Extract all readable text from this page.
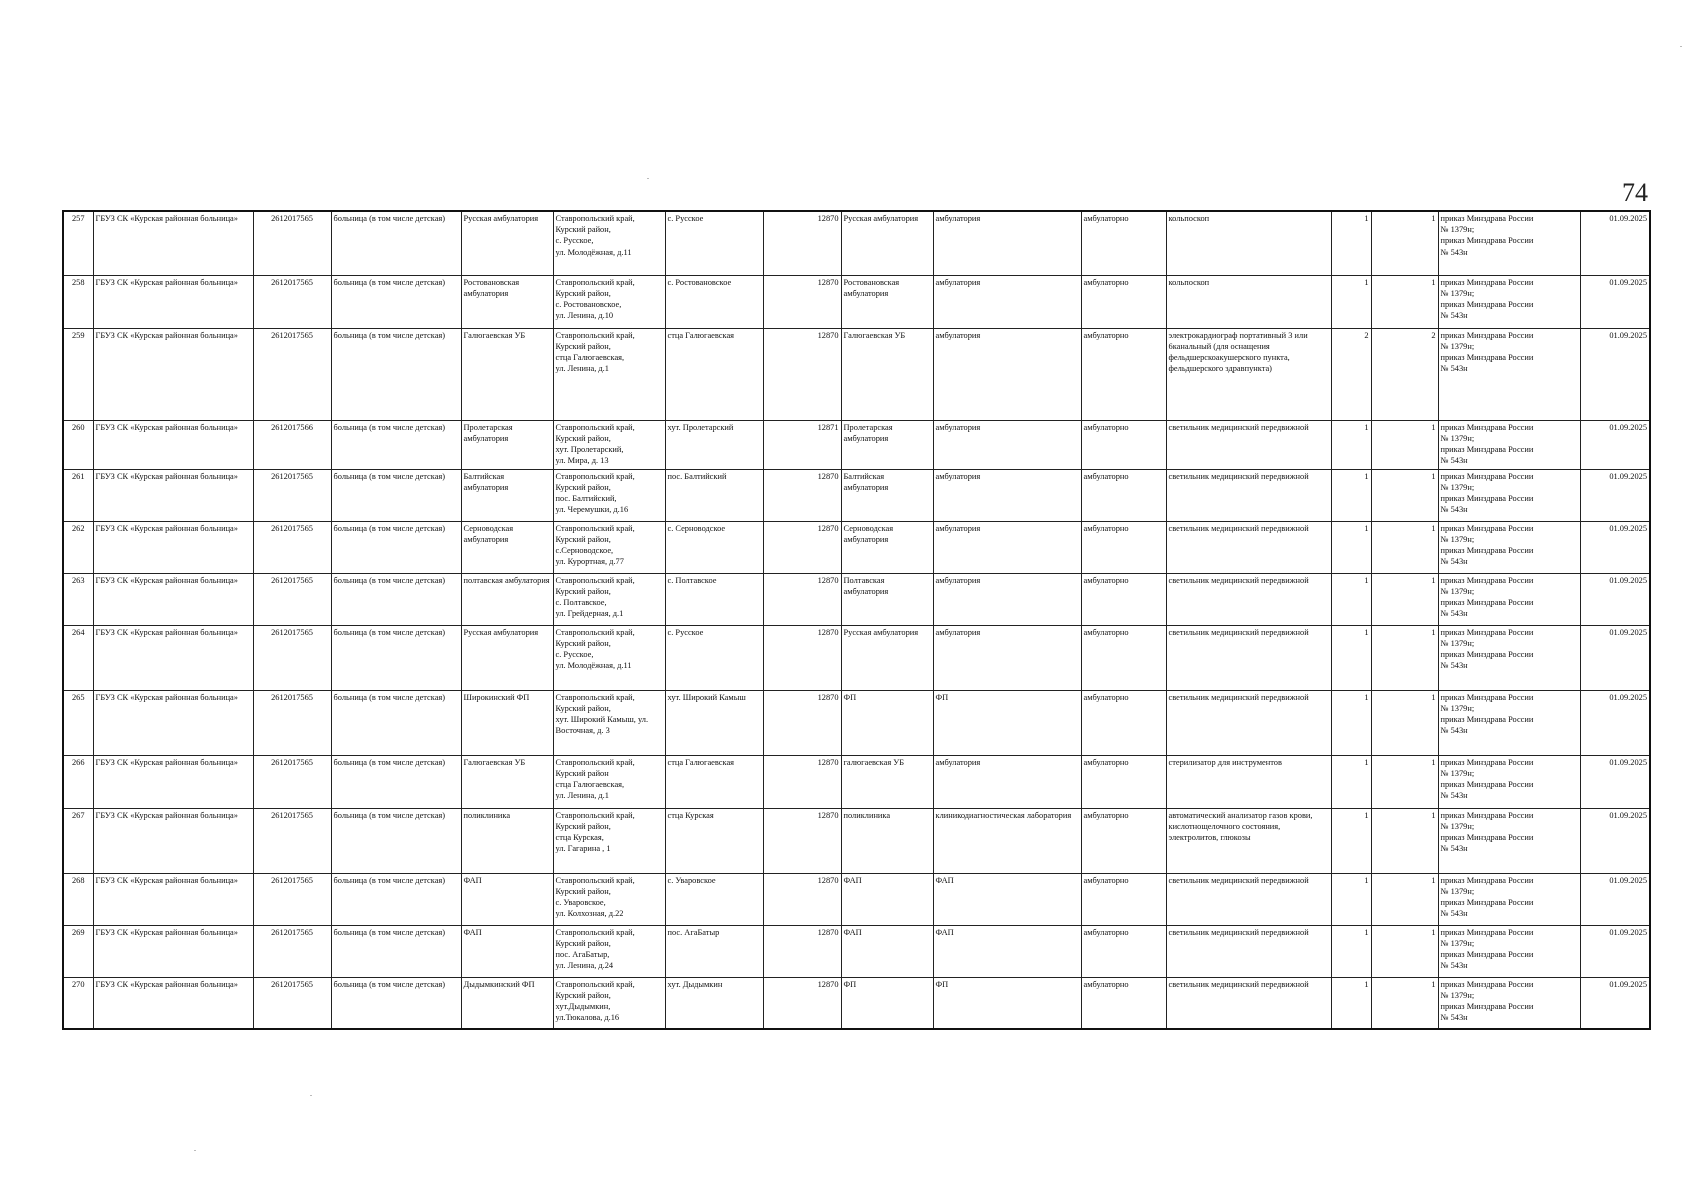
74
257	ГБУЗ СК «Курская районная больница»	2612017565	больница (в том числе детская)	Русская амбулатория	Ставропольский край,
Курский район,
с. Русское,
ул. Молодёжная, д.11	с. Русское	12870	Русская амбулатория	амбулатория	амбулаторно	кольпоскоп	1	1	приказ Минздрава России
№ 1379н;
приказ Минздрава России
№ 543н	01.09.2025
258	ГБУЗ СК «Курская районная больница»	2612017565	больница (в том числе детская)	Ростовановская амбулатория	Ставропольский край,
Курский район,
с. Ростовановское,
ул. Ленина, д.10	с. Ростовановское	12870	Ростовановская амбулатория	амбулатория	амбулаторно	кольпоскоп	1	1	приказ Минздрава России
№ 1379н;
приказ Минздрава России
№ 543н	01.09.2025
259	ГБУЗ СК «Курская районная больница»	2612017565	больница (в том числе детская)	Галюгаевская УБ	Ставропольский край,
Курский район,
стца Галюгаевская,
ул. Ленина, д.1	стца Галюгаевская	12870	Галюгаевская УБ	амбулатория	амбулаторно	электрокардиограф портативный 3 или 6канальный (для оснащения фельдшерскоакушерского пункта, фельдшерского здравпункта)	2	2	приказ Минздрава России
№ 1379н;
приказ Минздрава России
№ 543н	01.09.2025
260	ГБУЗ СК «Курская районная больница»	2612017566	больница (в том числе детская)	Пролетарская амбулатория	Ставропольский край,
Курский район,
хут. Пролетарский,
ул. Мира, д. 13	хут. Пролетарский	12871	Пролетарская амбулатория	амбулатория	амбулаторно	светильник медицинский передвижной	1	1	приказ Минздрава России
№ 1379н;
приказ Минздрава России
№ 543н	01.09.2025
261	ГБУЗ СК «Курская районная больница»	2612017565	больница (в том числе детская)	Балтийская амбулатория	Ставропольский край,
Курский район,
пос. Балтийский,
ул. Черемушки, д.16	пос. Балтийский	12870	Балтийская амбулатория	амбулатория	амбулаторно	светильник медицинский передвижной	1	1	приказ Минздрава России
№ 1379н;
приказ Минздрава России
№ 543н	01.09.2025
262	ГБУЗ СК «Курская районная больница»	2612017565	больница (в том числе детская)	Серноводская амбулатория	Ставропольский край,
Курский район,
с.Серноводское,
ул. Курортная, д.77	с. Серноводское	12870	Серноводская амбулатория	амбулатория	амбулаторно	светильник медицинский передвижной	1	1	приказ Минздрава России
№ 1379н;
приказ Минздрава России
№ 543н	01.09.2025
263	ГБУЗ СК «Курская районная больница»	2612017565	больница (в том числе детская)	полтавская амбулатория	Ставропольский край,
Курский район,
с. Полтавское,
ул. Грейдерная, д.1	с. Полтавское	12870	Полтавская амбулатория	амбулатория	амбулаторно	светильник медицинский передвижной	1	1	приказ Минздрава России
№ 1379н;
приказ Минздрава России
№ 543н	01.09.2025
264	ГБУЗ СК «Курская районная больница»	2612017565	больница (в том числе детская)	Русская амбулатория	Ставропольский край,
Курский район,
с. Русское,
ул. Молодёжная, д.11	с. Русское	12870	Русская амбулатория	амбулатория	амбулаторно	светильник медицинский передвижной	1	1	приказ Минздрава России
№ 1379н;
приказ Минздрава России
№ 543н	01.09.2025
265	ГБУЗ СК «Курская районная больница»	2612017565	больница (в том числе детская)	Широкинский ФП	Ставропольский край,
Курский район,
хут. Широкий Камыш, ул. Восточная, д. 3	хут. Широкий Камыш	12870	ФП	ФП	амбулаторно	светильник медицинский передвижной	1	1	приказ Минздрава России
№ 1379н;
приказ Минздрава России
№ 543н	01.09.2025
266	ГБУЗ СК «Курская районная больница»	2612017565	больница (в том числе детская)	Галюгаевская УБ	Ставропольский край,
Курский район
стца Галюгаевская,
ул. Ленина, д.1	стца Галюгаевская	12870	галюгаевская УБ	амбулатория	амбулаторно	стерилизатор для инструментов	1	1	приказ Минздрава России
№ 1379н;
приказ Минздрава России
№ 543н	01.09.2025
267	ГБУЗ СК «Курская районная больница»	2612017565	больница (в том числе детская)	поликлиника	Ставропольский край,
Курский район,
стца Курская,
ул. Гагарина , 1	стца Курская	12870	поликлиника	клиникодиагностическая лаборатория	амбулаторно	автоматический анализатор газов крови, кислотнощелочного состояния, электролитов, глюкозы	1	1	приказ Минздрава России
№ 1379н;
приказ Минздрава России
№ 543н	01.09.2025
268	ГБУЗ СК «Курская районная больница»	2612017565	больница (в том числе детская)	ФАП	Ставропольский край,
Курский район,
с. Уваровское,
ул. Колхозная, д.22	с. Уваровское	12870	ФАП	ФАП	амбулаторно	светильник медицинский передвижной	1	1	приказ Минздрава России
№ 1379н;
приказ Минздрава России
№ 543н	01.09.2025
269	ГБУЗ СК «Курская районная больница»	2612017565	больница (в том числе детская)	ФАП	Ставропольский край,
Курский район,
пос. АгаБатыр,
ул. Ленина, д.24	пос. АгаБатыр	12870	ФАП	ФАП	амбулаторно	светильник медицинский передвижной	1	1	приказ Минздрава России
№ 1379н;
приказ Минздрава России
№ 543н	01.09.2025
270	ГБУЗ СК «Курская районная больница»	2612017565	больница (в том числе детская)	Дыдымкинский ФП	Ставропольский край,
Курский район,
хут.Дыдымкин,
ул.Тюкалова, д.16	хут. Дыдымкин	12870	ФП	ФП	амбулаторно	светильник медицинский передвижной	1	1	приказ Минздрава России
№ 1379н;
приказ Минздрава России
№ 543н	01.09.2025
